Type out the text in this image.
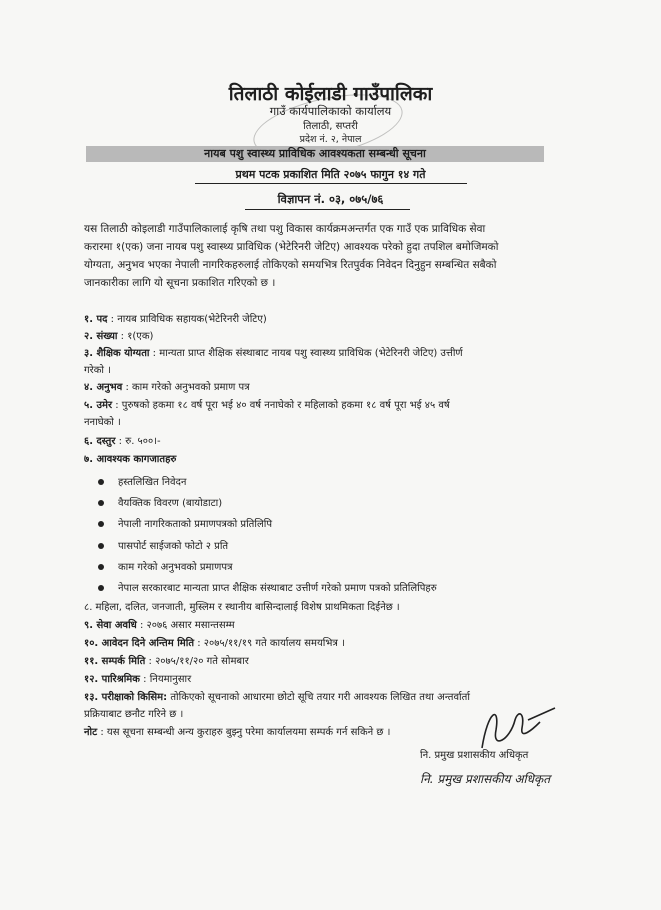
तिलाठी कोईलाडी गाउँपालिका
गाउँ कार्यपालिकाको कार्यालय
तिलाठी, सप्तरी
प्रदेश नं. २, नेपाल
नायब पशु स्वास्थ्य प्राविधिक आवश्यकता सम्बन्धी सूचना
प्रथम पटक प्रकाशित मिति २०७५ फागुन १४ गते
विज्ञापन नं. ०३, ०७५/७६
यस तिलाठी कोइलाडी गाउँपालिकालाई कृषि तथा पशु विकास कार्यक्रमअन्तर्गत एक गाउँ एक प्राविधिक सेवा
करारमा १(एक) जना नायब पशु स्वास्थ्य प्राविधिक (भेटेरिनरी जेटिए) आवश्यक परेको हुदा तपशिल बमोजिमको
योग्यता, अनुभव भएका नेपाली नागरिकहरुलाई तोकिएको समयभित्र रितपुर्वक निवेदन दिनुहुन सम्बन्धित सबैको
जानकारीका लागि यो सूचना प्रकाशित गरिएको छ ।
१. पद : नायब प्राविधिक सहायक(भेटेरिनरी जेटिए)
२. संख्या : १(एक)
३. शैक्षिक योग्यता : मान्यता प्राप्त शैक्षिक संस्थाबाट नायब पशु स्वास्थ्य प्राविधिक (भेटेरिनरी जेटिए) उत्तीर्ण
गरेको ।
४. अनुभव : काम गरेको अनुभवको प्रमाण पत्र
५. उमेर : पुरुषको हकमा १८ वर्ष पूरा भई ४० वर्ष ननाघेको र महिलाको हकमा १८ वर्ष पूरा भई ४५ वर्ष
ननाघेको ।
६. दस्तुर : रु. ५००।-
७. आवश्यक कागजातहरु
हस्तलिखित निवेदन
वैयक्तिक विवरण (बायोडाटा)
नेपाली नागरिकताको प्रमाणपत्रको प्रतिलिपि
पासपोर्ट साईजको फोटो २ प्रति
काम गरेको अनुभवको प्रमाणपत्र
नेपाल सरकारबाट मान्यता प्राप्त शैक्षिक संस्थाबाट उत्तीर्ण गरेको प्रमाण पत्रको प्रतिलिपिहरु
८. महिला, दलित, जनजाती, मुस्लिम र स्थानीय बासिन्दालाई विशेष प्राथमिकता दिईनेछ ।
९. सेवा अवधि : २०७६ असार मसान्तसम्म
१०. आवेदन दिने अन्तिम मिति : २०७५/११/१९ गते कार्यालय समयभित्र ।
११. सम्पर्क मिति : २०७५/११/२० गते सोमबार
१२. पारिश्रमिक : नियमानुसार
१३. परीक्षाको किसिम: तोकिएको सूचनाको आधारमा छोटो सूचि तयार गरी आवश्यक लिखित तथा अन्तर्वार्ता
प्रक्रियाबाट छनौट गरिने छ ।
नोट : यस सूचना सम्बन्धी अन्य कुराहरु बुझ्नु परेमा कार्यालयमा सम्पर्क गर्न सकिने छ ।
नि. प्रमुख प्रशासकीय अधिकृत
नि. प्रमुख प्रशासकीय अधिकृत
